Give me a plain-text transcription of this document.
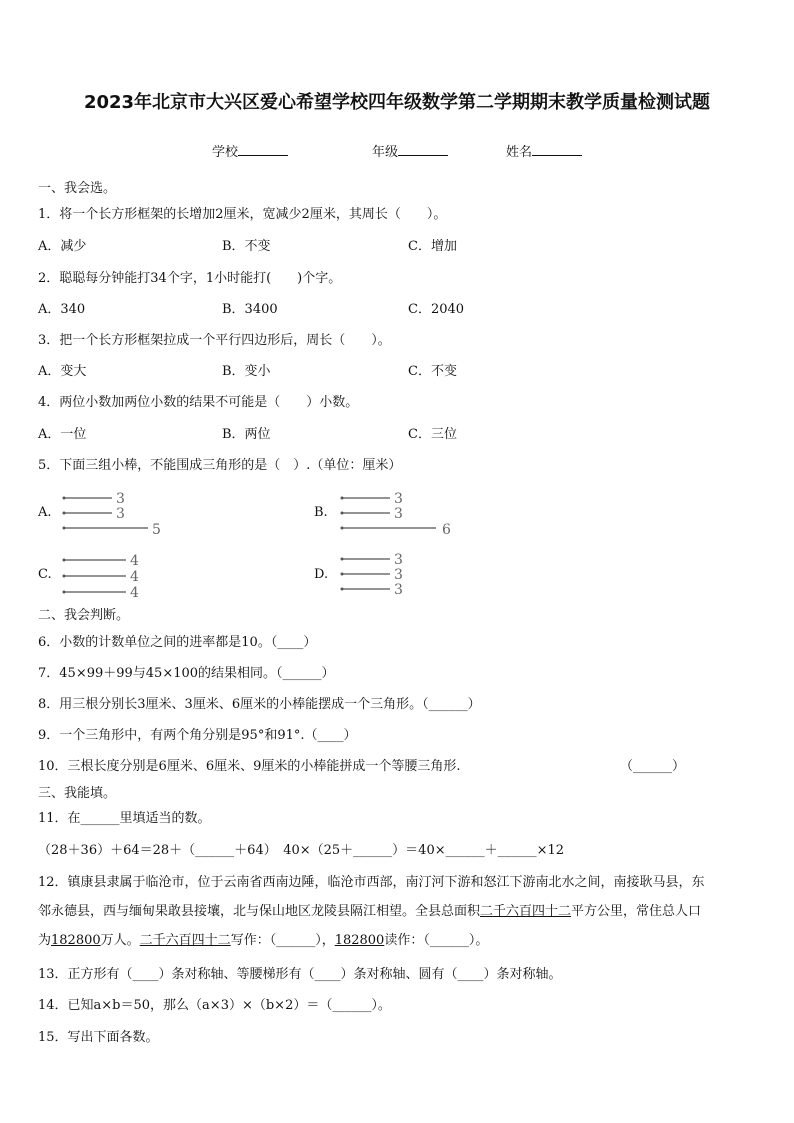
2023年北京市大兴区爱心希望学校四年级数学第二学期期末教学质量检测试题
学校	年级	姓名
一、我会选。
1．将一个长方形框架的长增加2厘米，宽减少2厘米，其周长（　　）。
A．减少	B．不变	C．增加
2．聪聪每分钟能打34个字，1小时能打(　　)个字。
A．340	B．3400	C．2040
3．把一个长方形框架拉成一个平行四边形后，周长（　　）。
A．变大	B．变小	C．不变
4．两位小数加两位小数的结果不可能是（　　）小数。
A．一位	B．两位	C．三位
5．下面三组小棒，不能围成三角形的是（　）.（单位：厘米）
A.
3
3
5
B.
3
3
6
C.
4
4
4
D.
3
3
3
二、我会判断。
6．小数的计数单位之间的进率都是10。（____）
7．45×99＋99与45×100的结果相同。（______）
8．用三根分别长3厘米、3厘米、6厘米的小棒能摆成一个三角形。（______）
9．一个三角形中，有两个角分别是95°和91°.（____）
10．三根长度分别是6厘米、6厘米、9厘米的小棒能拼成一个等腰三角形.	（______）
三、我能填。
11．在______里填适当的数。
（28＋36）＋64＝28＋（______＋64）　40×（25＋______）＝40×______＋______×12
12．镇康县隶属于临沧市，位于云南省西南边陲，临沧市西部，南汀河下游和怒江下游南北水之间，南接耿马县，东
邻永德县，西与缅甸果敢县接壤，北与保山地区龙陵县隔江相望。全县总面积二千六百四十二平方公里，常住总人口
为182800万人。二千六百四十二写作：（______），182800读作：（______）。
13．正方形有（____）条对称轴、等腰梯形有（____）条对称轴、圆有（____）条对称轴。
14．已知a×b＝50，那么（a×3）×（b×2）＝（______）。
15．写出下面各数。
